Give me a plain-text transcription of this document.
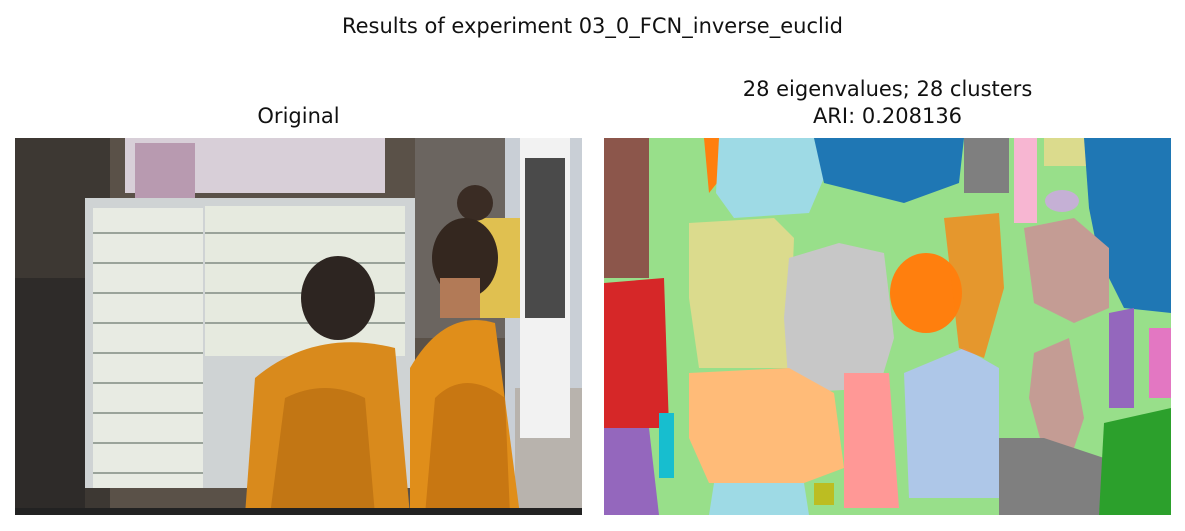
Results of experiment 03_0_FCN_inverse_euclid
Original
28 eigenvalues; 28 clusters
ARI: 0.208136
